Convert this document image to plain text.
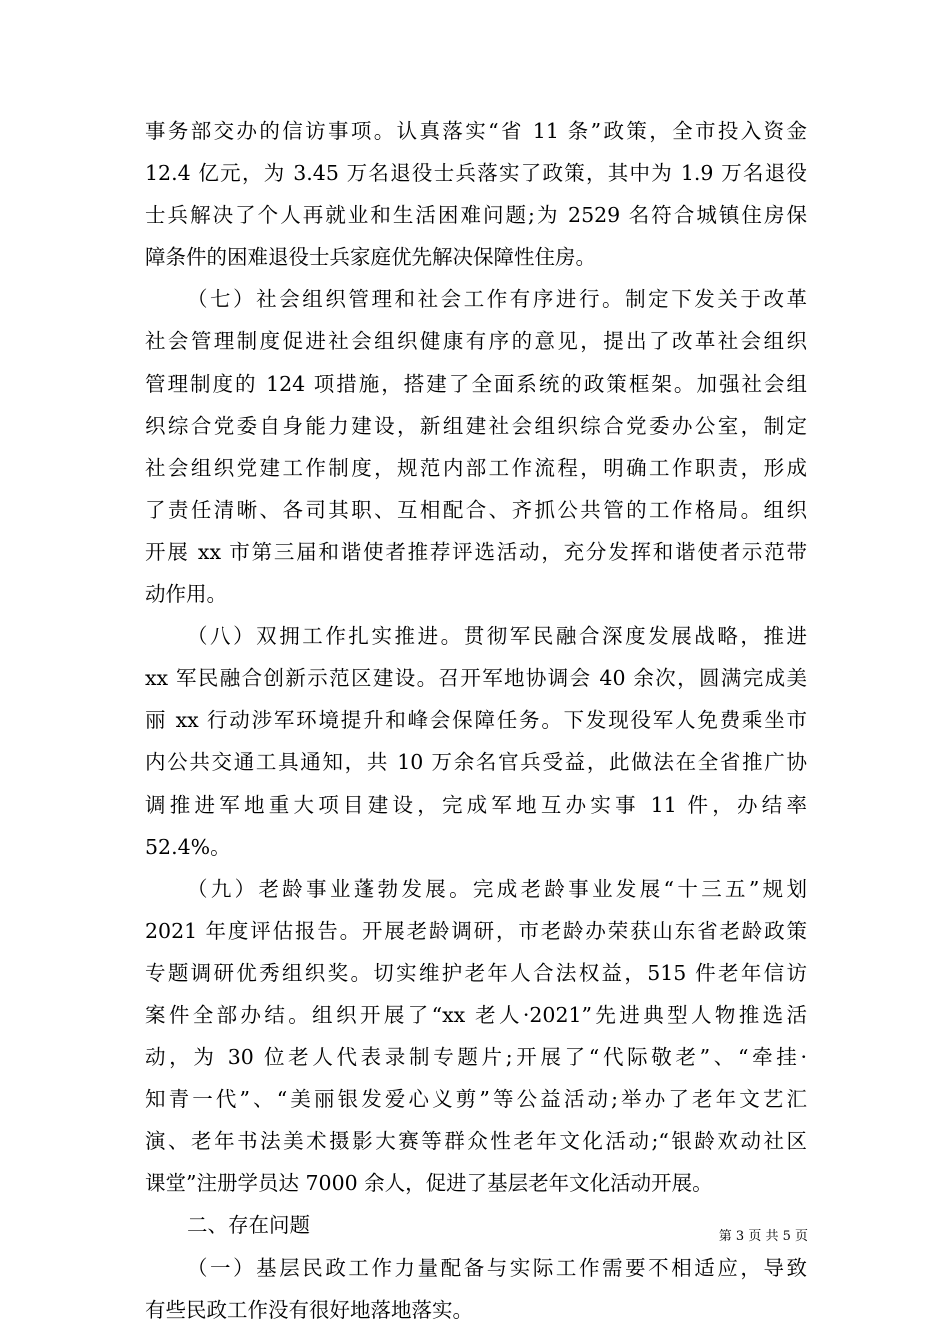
事务部交办的信访事项。认真落实“省 11 条”政策，全市投入资金
12.4 亿元，为 3.45 万名退役士兵落实了政策，其中为 1.9 万名退役
士兵解决了个人再就业和生活困难问题;为 2529 名符合城镇住房保
障条件的困难退役士兵家庭优先解决保障性住房。
（七）社会组织管理和社会工作有序进行。制定下发关于改革
社会管理制度促进社会组织健康有序的意见，提出了改革社会组织
管理制度的 124 项措施，搭建了全面系统的政策框架。加强社会组
织综合党委自身能力建设，新组建社会组织综合党委办公室，制定
社会组织党建工作制度，规范内部工作流程，明确工作职责，形成
了责任清晰、各司其职、互相配合、齐抓公共管的工作格局。组织
开展 xx 市第三届和谐使者推荐评选活动，充分发挥和谐使者示范带
动作用。
（八）双拥工作扎实推进。贯彻军民融合深度发展战略，推进
xx 军民融合创新示范区建设。召开军地协调会 40 余次，圆满完成美
丽 xx 行动涉军环境提升和峰会保障任务。下发现役军人免费乘坐市
内公共交通工具通知，共 10 万余名官兵受益，此做法在全省推广协
调推进军地重大项目建设，完成军地互办实事 11 件，办结率
52.4%。
（九）老龄事业蓬勃发展。完成老龄事业发展“十三五”规划
2021 年度评估报告。开展老龄调研，市老龄办荣获山东省老龄政策
专题调研优秀组织奖。切实维护老年人合法权益，515 件老年信访
案件全部办结。组织开展了“xx 老人·2021”先进典型人物推选活
动，为 30 位老人代表录制专题片;开展了“代际敬老”、“牵挂·
知青一代”、“美丽银发爱心义剪”等公益活动;举办了老年文艺汇
演、老年书法美术摄影大赛等群众性老年文化活动;“银龄欢动社区
课堂”注册学员达 7000 余人，促进了基层老年文化活动开展。
二、存在问题
（一）基层民政工作力量配备与实际工作需要不相适应，导致
有些民政工作没有很好地落地落实。
第 3 页 共 5 页
